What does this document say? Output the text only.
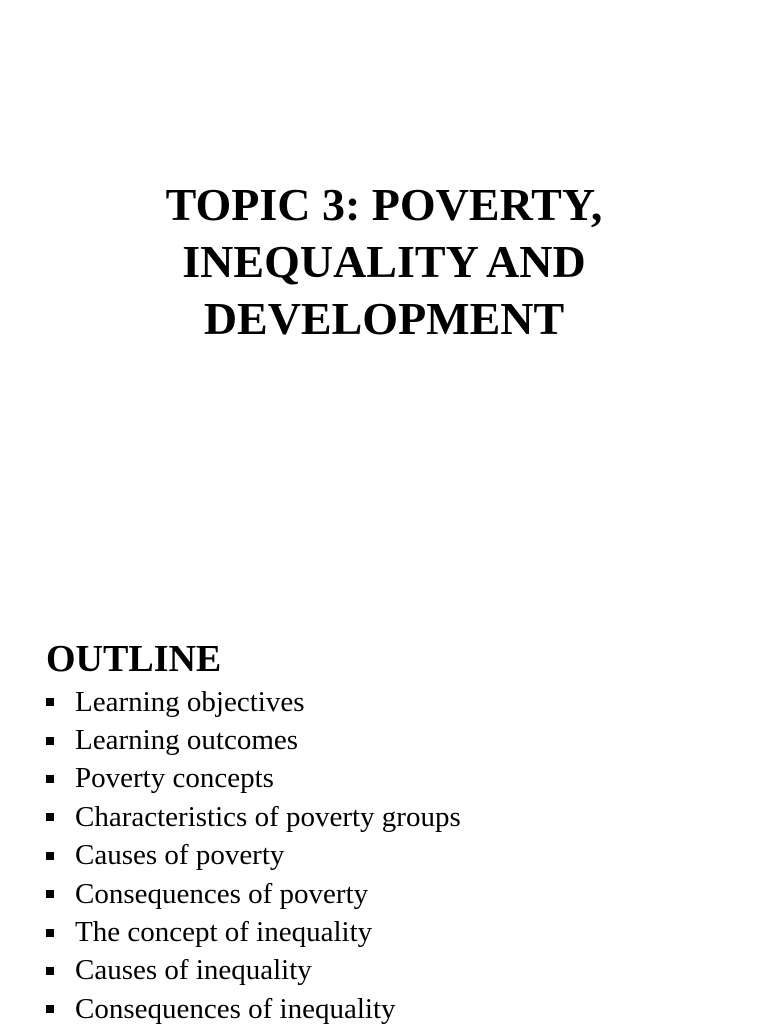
TOPIC 3: POVERTY,
INEQUALITY AND
DEVELOPMENT
OUTLINE
Learning objectives
Learning outcomes
Poverty concepts
Characteristics of poverty groups
Causes of poverty
Consequences of poverty
The concept of inequality
Causes of inequality
Consequences of inequality
